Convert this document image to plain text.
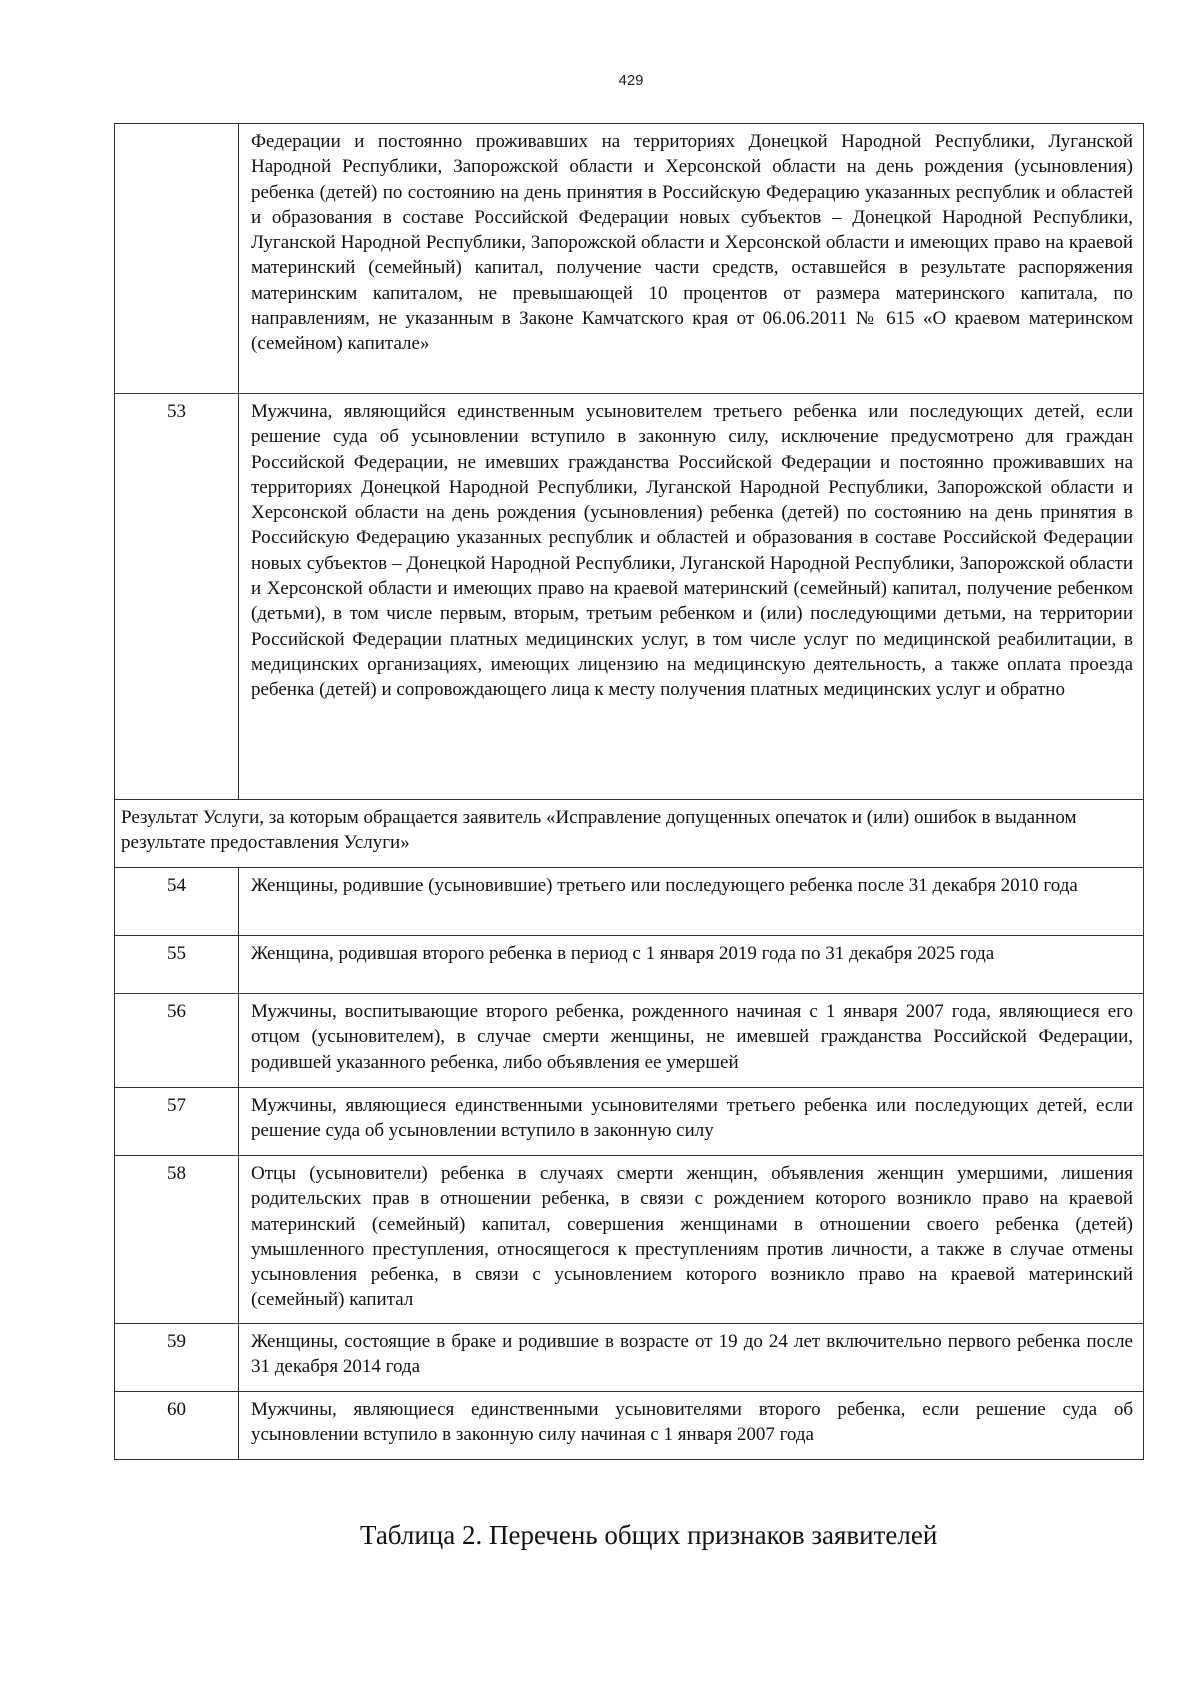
429
	Федерации и постоянно проживавших на территориях Донецкой Народной Республики, Луганской Народной Республики, Запорожской области и Херсонской области на день рождения (усыновления) ребенка (детей) по состоянию на день принятия в Российскую Федерацию указанных республик и областей и образования в составе Российской Федерации новых субъектов – Донецкой Народной Республики, Луганской Народной Республики, Запорожской области и Херсонской области и имеющих право на краевой материнский (семейный) капитал, получение части средств, оставшейся в результате распоряжения материнским капиталом, не превышающей 10 процентов от размера материнского капитала, по направлениям, не указанным в Законе Камчатского края от 06.06.2011 № 615 «О краевом материнском (семейном) капитале»
53	Мужчина, являющийся единственным усыновителем третьего ребенка или последующих детей, если решение суда об усыновлении вступило в законную силу, исключение предусмотрено для граждан Российской Федерации, не имевших гражданства Российской Федерации и постоянно проживавших на территориях Донецкой Народной Республики, Луганской Народной Республики, Запорожской области и Херсонской области на день рождения (усыновления) ребенка (детей) по состоянию на день принятия в Российскую Федерацию указанных республик и областей и образования в составе Российской Федерации новых субъектов – Донецкой Народной Республики, Луганской Народной Республики, Запорожской области и Херсонской области и имеющих право на краевой материнский (семейный) капитал, получение ребенком (детьми), в том числе первым, вторым, третьим ребенком и (или) последующими детьми, на территории Российской Федерации платных медицинских услуг, в том числе услуг по медицинской реабилитации, в медицинских организациях, имеющих лицензию на медицинскую деятельность, а также оплата проезда ребенка (детей) и сопровождающего лица к месту получения платных медицинских услуг и обратно
Результат Услуги, за которым обращается заявитель «Исправление допущенных опечаток и (или) ошибок в выданном результате предоставления Услуги»	
54	Женщины, родившие (усыновившие) третьего или последующего ребенка после 31 декабря 2010 года
55	Женщина, родившая второго ребенка в период с 1 января 2019 года по 31 декабря 2025 года
56	Мужчины, воспитывающие второго ребенка, рожденного начиная с 1 января 2007 года, являющиеся его отцом (усыновителем), в случае смерти женщины, не имевшей гражданства Российской Федерации, родившей указанного ребенка, либо объявления ее умершей
57	Мужчины, являющиеся единственными усыновителями третьего ребенка или последующих детей, если решение суда об усыновлении вступило в законную силу
58	Отцы (усыновители) ребенка в случаях смерти женщин, объявления женщин умершими, лишения родительских прав в отношении ребенка, в связи с рождением которого возникло право на краевой материнский (семейный) капитал, совершения женщинами в отношении своего ребенка (детей) умышленного преступления, относящегося к преступлениям против личности, а также в случае отмены усыновления ребенка, в связи с усыновлением которого возникло право на краевой материнский (семейный) капитал
59	Женщины, состоящие в браке и родившие в возрасте от 19 до 24 лет включительно первого ребенка после 31 декабря 2014 года
60	Мужчины, являющиеся единственными усыновителями второго ребенка, если решение суда об усыновлении вступило в законную силу начиная с 1 января 2007 года
Таблица 2. Перечень общих признаков заявителей
